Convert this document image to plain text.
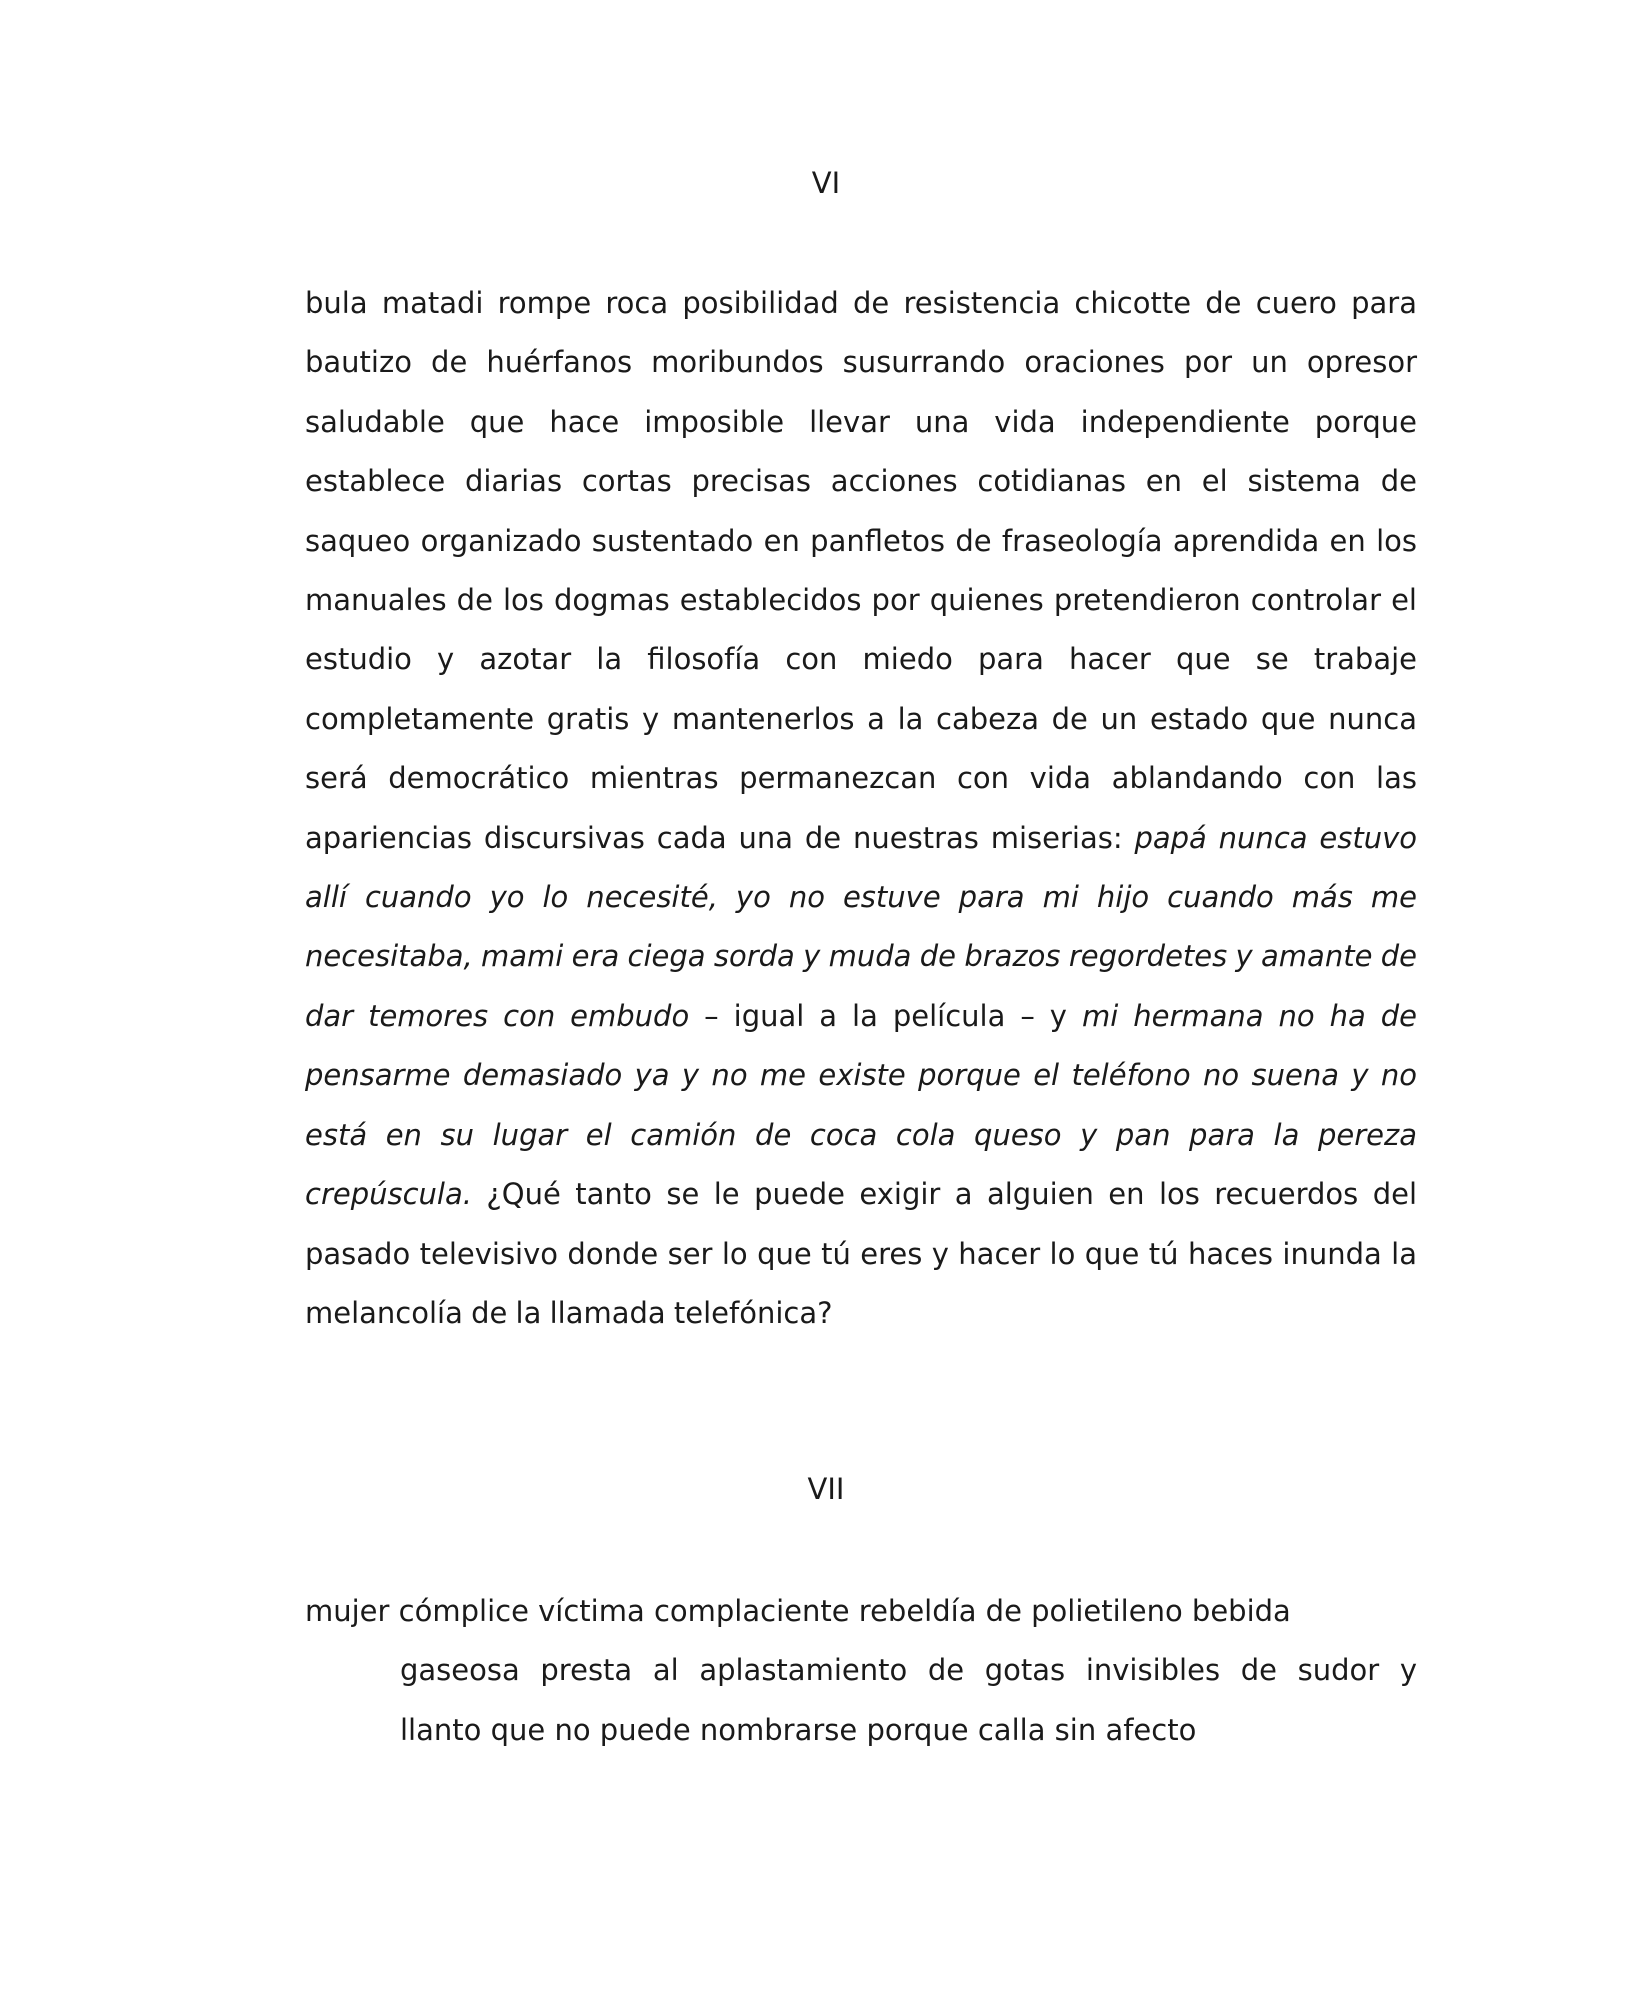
VI

bula matadi rompe roca posibilidad de resistencia chicotte de cuero para bautizo de huérfanos moribundos susurrando oraciones por un opresor saludable que hace imposible llevar una vida independiente porque establece diarias cortas precisas acciones cotidianas en el sistema de saqueo organizado sustentado en panfletos de fraseología aprendida en los manuales de los dogmas establecidos por quienes pretendieron controlar el estudio y azotar la filosofía con miedo para hacer que se trabaje completamente gratis y mantenerlos a la cabeza de un estado que nunca será democrático mientras permanezcan con vida ablandando con las apariencias discursivas cada una de nuestras miserias: papá nunca estuvo allí cuando yo lo necesité, yo no estuve para mi hijo cuando más me necesitaba, mami era ciega sorda y muda de brazos regordetes y amante de dar temores con embudo – igual a la película – y mi hermana no ha de pensarme demasiado ya y no me existe porque el teléfono no suena y no está en su lugar el camión de coca cola queso y pan para la pereza crepúscula. ¿Qué tanto se le puede exigir a alguien en los recuerdos del pasado televisivo donde ser lo que tú eres y hacer lo que tú haces inunda la melancolía de la llamada telefónica?

VII

mujer cómplice víctima complaciente rebeldía de polietileno bebida

gaseosa presta al aplastamiento de gotas invisibles de sudor y
llanto que no puede nombrarse porque calla sin afecto
